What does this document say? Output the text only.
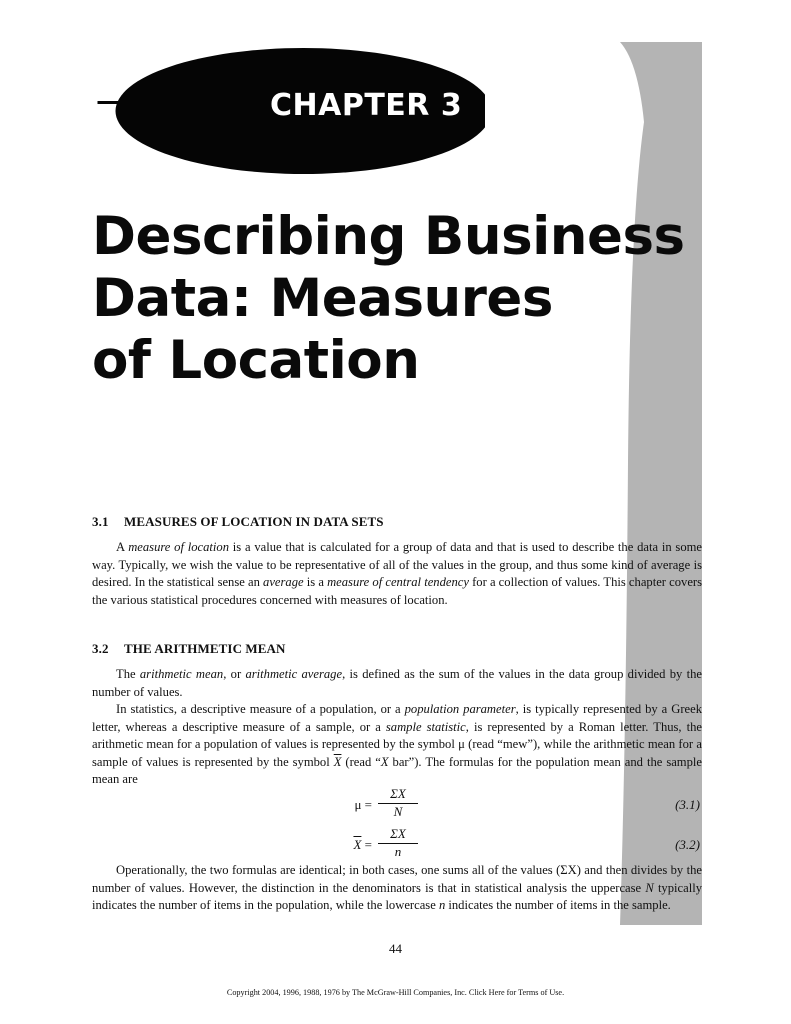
CHAPTER 3
Describing Business
Data: Measures
of Location
3.1 MEASURES OF LOCATION IN DATA SETS

A measure of location is a value that is calculated for a group of data and that is used to describe the data in some way. Typically, we wish the value to be representative of all of the values in the group, and thus some kind of average is desired. In the statistical sense an average is a measure of central tendency for a collection of values. This chapter covers the various statistical procedures concerned with measures of location.

3.2 THE ARITHMETIC MEAN

The arithmetic mean, or arithmetic average, is defined as the sum of the values in the data group divided by the number of values.

In statistics, a descriptive measure of a population, or a population parameter, is typically represented by a Greek letter, whereas a descriptive measure of a sample, or a sample statistic, is represented by a Roman letter. Thus, the arithmetic mean for a population of values is represented by the symbol μ (read “mew”), while the arithmetic mean for a sample of values is represented by the symbol $\overline{X}$ (read “X bar”). The formulas for the population mean and the sample mean are

$\mu = \frac{\Sigma X}{N}$	(3.1)
$\overline{X} = \frac{\Sigma X}{n}$	(3.2)

Operationally, the two formulas are identical; in both cases, one sums all of the values (ΣX) and then divides by the number of values. However, the distinction in the denominators is that in statistical analysis the uppercase N typically indicates the number of items in the population, while the lowercase n indicates the number of items in the sample.

44
Copyright 2004, 1996, 1988, 1976 by The McGraw-Hill Companies, Inc. Click Here for Terms of Use.
